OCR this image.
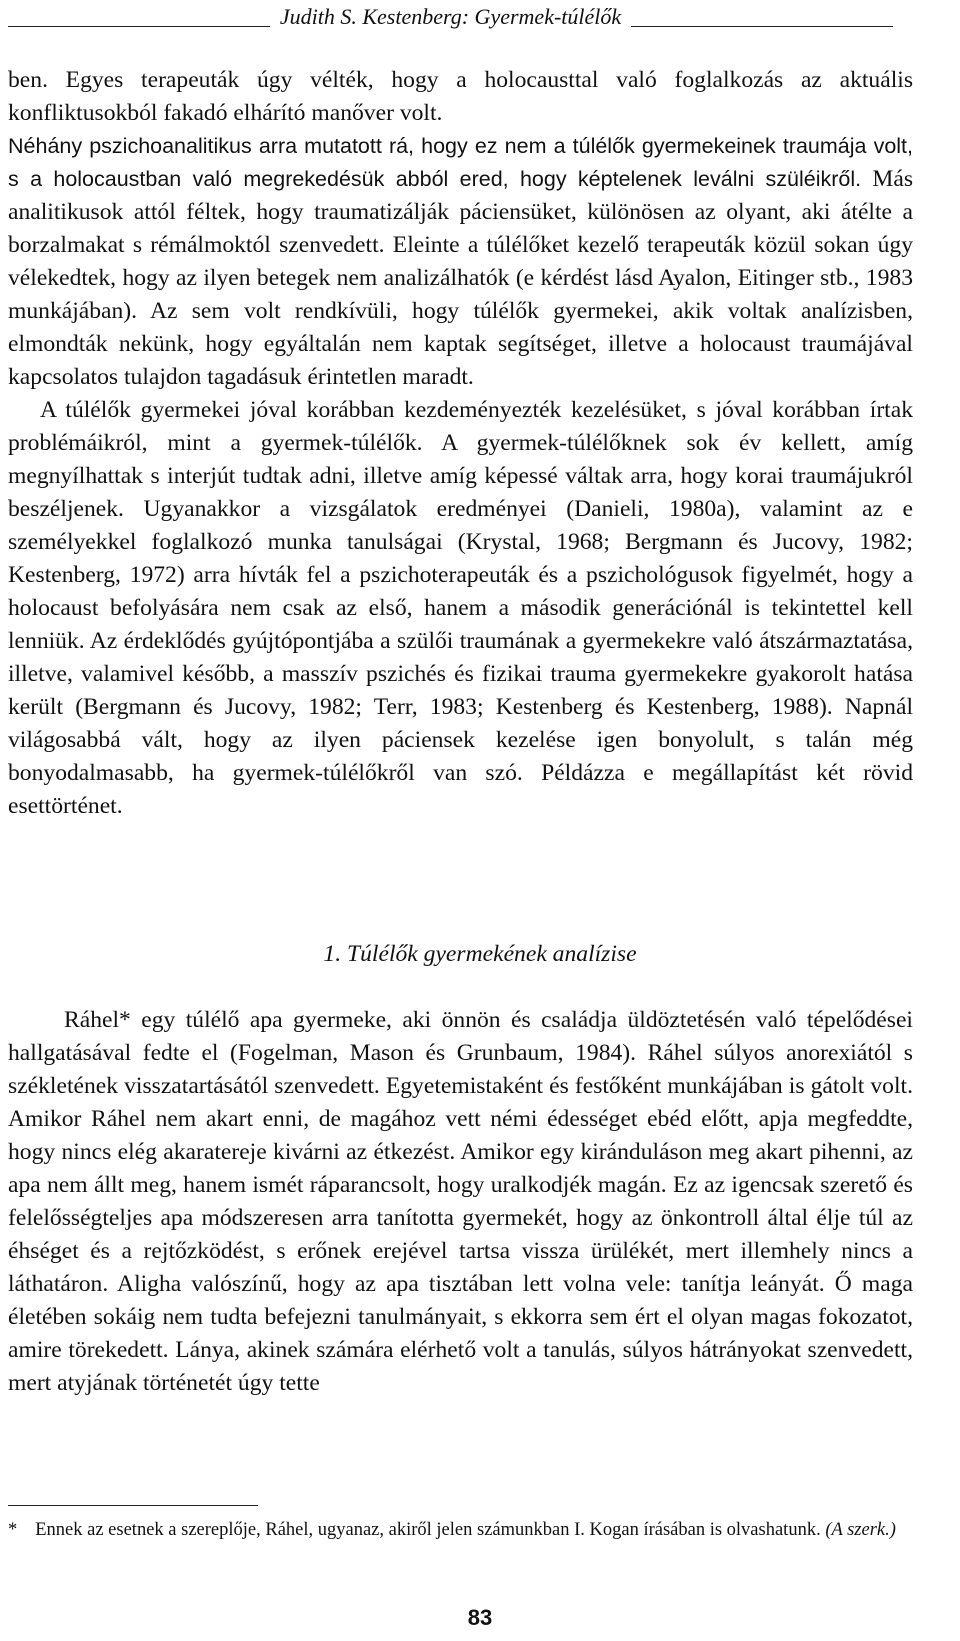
Judith S. Kestenberg: Gyermek-túlélők

ben. Egyes terapeuták úgy vélték, hogy a holocausttal való foglalkozás az aktuális konfliktusokból fakadó elhárító manőver volt.

Néhány pszichoanalitikus arra mutatott rá, hogy ez nem a túlélők gyermekeinek traumája volt, s a holocaustban való megrekedésük abból ered, hogy képtelenek leválni szüléikről. Más analitikusok attól féltek, hogy traumatizálják páciensüket, különösen az olyant, aki átélte a borzalmakat s rémálmoktól szenvedett. Eleinte a túlélőket kezelő terapeuták közül sokan úgy vélekedtek, hogy az ilyen betegek nem analizálhatók (e kérdést lásd Ayalon, Eitinger stb., 1983 munkájában). Az sem volt rendkívüli, hogy túlélők gyermekei, akik voltak analízisben, elmondták nekünk, hogy egyáltalán nem kaptak segítséget, illetve a holocaust traumájával kapcsolatos tulajdon tagadásuk érintetlen maradt.

A túlélők gyermekei jóval korábban kezdeményezték kezelésüket, s jóval korábban írtak problémáikról, mint a gyermek-túlélők. A gyermek-túlélőknek sok év kellett, amíg megnyílhattak s interjút tudtak adni, illetve amíg képessé váltak arra, hogy korai traumájukról beszéljenek. Ugyanakkor a vizsgálatok eredményei (Danieli, 1980a), valamint az e személyekkel foglalkozó munka tanulságai (Krystal, 1968; Bergmann és Jucovy, 1982; Kestenberg, 1972) arra hívták fel a pszichoterapeuták és a pszichológusok figyelmét, hogy a holocaust befolyására nem csak az első, hanem a második generációnál is tekintettel kell lenniük. Az érdeklődés gyújtópontjába a szülői traumának a gyermekekre való átszármaztatása, illetve, valamivel később, a masszív pszichés és fizikai trauma gyermekekre gyakorolt hatása került (Bergmann és Jucovy, 1982; Terr, 1983; Kestenberg és Kestenberg, 1988). Napnál világosabbá vált, hogy az ilyen páciensek kezelése igen bonyolult, s talán még bonyodalmasabb, ha gyermek-túlélőkről van szó. Példázza e megállapítást két rövid esettörténet.

1. Túlélők gyermekének analízise

Ráhel* egy túlélő apa gyermeke, aki önnön és családja üldöztetésén való tépelődései hallgatásával fedte el (Fogelman, Mason és Grunbaum, 1984). Ráhel súlyos anorexiától s székletének visszatartásától szenvedett. Egyetemistaként és festőként munkájában is gátolt volt. Amikor Ráhel nem akart enni, de magához vett némi édességet ebéd előtt, apja megfeddte, hogy nincs elég akaratereje kivárni az étkezést. Amikor egy kiránduláson meg akart pihenni, az apa nem állt meg, hanem ismét ráparancsolt, hogy uralkodjék magán. Ez az igencsak szerető és felelősségteljes apa módszeresen arra tanította gyermekét, hogy az önkontroll által élje túl az éhséget és a rejtőzködést, s erőnek erejével tartsa vissza ürülékét, mert illemhely nincs a láthatáron. Aligha valószínű, hogy az apa tisztában lett volna vele: tanítja leányát. Ő maga életében sokáig nem tudta befejezni tanulmányait, s ekkorra sem ért el olyan magas fokozatot, amire törekedett. Lánya, akinek számára elérhető volt a tanulás, súlyos hátrányokat szenvedett, mert atyjának történetét úgy tette

* Ennek az esetnek a szereplője, Ráhel, ugyanaz, akiről jelen számunkban I. Kogan írásában is olvashatunk. (A szerk.)
83
